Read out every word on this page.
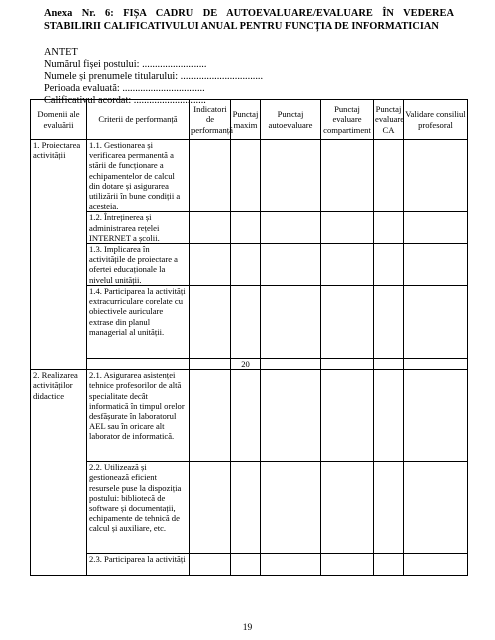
Anexa Nr. 6: FIȘA CADRU DE AUTOEVALUARE/EVALUARE ÎN VEDEREA STABILIRII CALIFICATIVULUI ANUAL PENTRU FUNCȚIA DE INFORMATICIAN
ANTET
Numărul fișei postului: .........................
Numele și prenumele titularului: ................................
Perioada evaluată: ................................
Calificativul acordat: ............................
Domenii ale evaluării	Criterii de performanță	Indicatori de performanță	Punctaj maxim	Punctaj autoevaluare	Punctaj evaluare compartiment	Punctaj evaluare CA	Validare consiliul profesoral
1. Proiectarea activității	1.1. Gestionarea și verificarea permanentă a stării de funcționare a echipamentelor de calcul din dotare și asigurarea utilizării în bune condiții a acesteia.						
	1.2. Întreținerea și administrarea rețelei INTERNET a școlii.						
	1.3. Implicarea în activitățile de proiectare a ofertei educaționale la nivelul unității.						
	1.4. Participarea la activități extracurriculare corelate cu obiectivele auriculare extrase din planul managerial al unității.						
			20				
2. Realizarea activităților didactice	2.1. Asigurarea asistenței tehnice profesorilor de altă specialitate decât informatică în timpul orelor desfășurate în laboratorul AEL sau în oricare alt laborator de informatică.						
	2.2. Utilizează și gestionează eficient resursele puse la dispoziția postului: bibliotecă de software și documentații, echipamente de tehnică de calcul și auxiliare, etc.						
	2.3. Participarea la activități						
19
